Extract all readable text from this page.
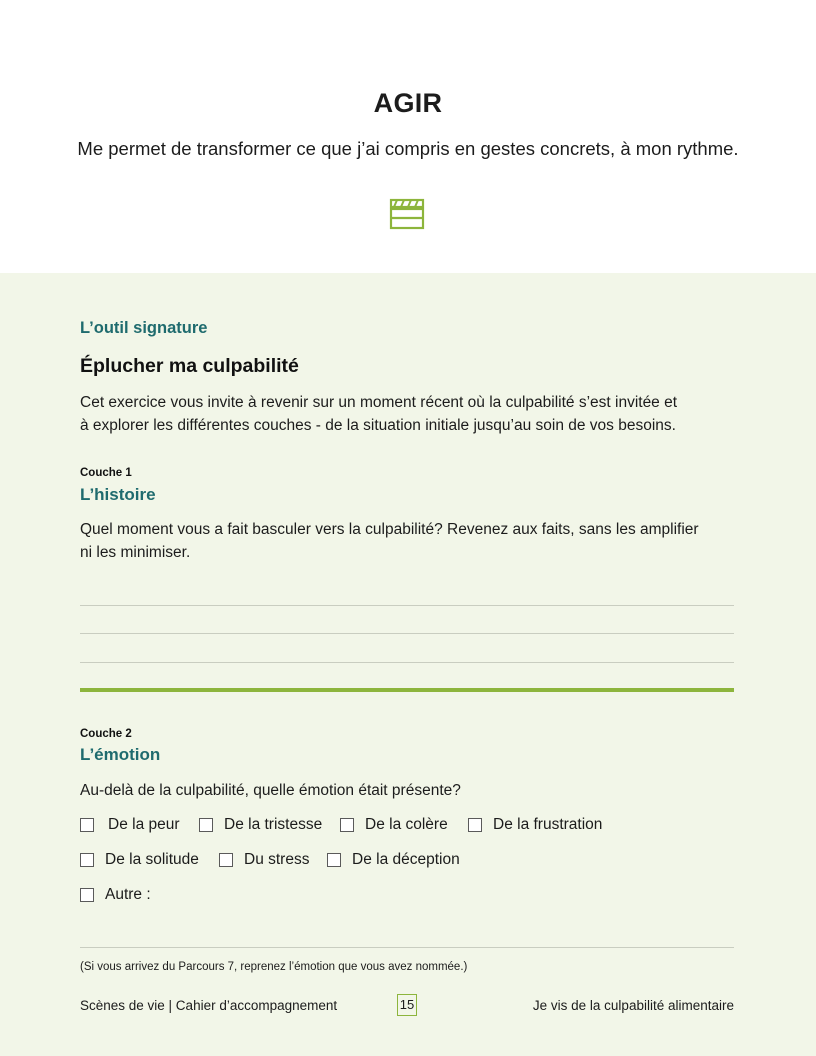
AGIR
Me permet de transformer ce que j’ai compris en gestes concrets, à mon rythme.
L’outil signature
Éplucher ma culpabilité
Cet exercice vous invite à revenir sur un moment récent où la culpabilité s’est invitée et
à explorer les différentes couches - de la situation initiale jusqu’au soin de vos besoins.
Couche 1
L’histoire
Quel moment vous a fait basculer vers la culpabilité? Revenez aux faits, sans les amplifier
ni les minimiser.
Couche 2
L’émotion
Au-delà de la culpabilité, quelle émotion était présente?
De la peur	De la tristesse	De la colère	De la frustration
De la solitude	Du stress	De la déception
Autre :
(Si vous arrivez du Parcours 7, reprenez l’émotion que vous avez nommée.)
Scènes de vie | Cahier d’accompagnement	15	Je vis de la culpabilité alimentaire
